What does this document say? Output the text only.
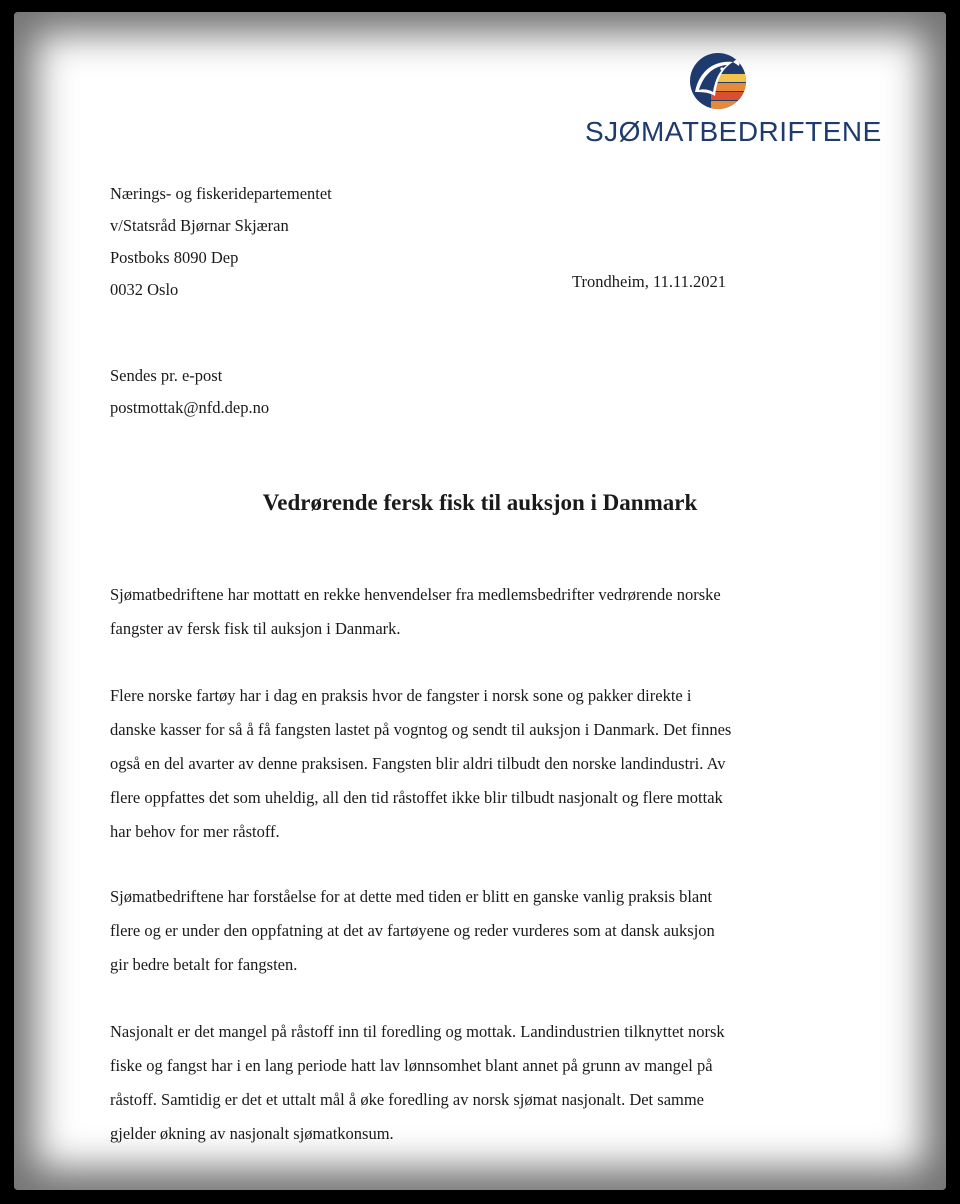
SJØMATBEDRIFTENE
Nærings- og fiskeridepartementet
v/Statsråd Bjørnar Skjæran
Postboks 8090 Dep
0032 Oslo	Trondheim, 11.11.2021
Sendes pr. e-post
postmottak@nfd.dep.no
Vedrørende fersk fisk til auksjon i Danmark
Sjømatbedriftene har mottatt en rekke henvendelser fra medlemsbedrifter vedrørende norske
fangster av fersk fisk til auksjon i Danmark.
Flere norske fartøy har i dag en praksis hvor de fangster i norsk sone og pakker direkte i
danske kasser for så å få fangsten lastet på vogntog og sendt til auksjon i Danmark. Det finnes
også en del avarter av denne praksisen. Fangsten blir aldri tilbudt den norske landindustri. Av
flere oppfattes det som uheldig, all den tid råstoffet ikke blir tilbudt nasjonalt og flere mottak
har behov for mer råstoff.
Sjømatbedriftene har forståelse for at dette med tiden er blitt en ganske vanlig praksis blant
flere og er under den oppfatning at det av fartøyene og reder vurderes som at dansk auksjon
gir bedre betalt for fangsten.
Nasjonalt er det mangel på råstoff inn til foredling og mottak. Landindustrien tilknyttet norsk
fiske og fangst har i en lang periode hatt lav lønnsomhet blant annet på grunn av mangel på
råstoff. Samtidig er det et uttalt mål å øke foredling av norsk sjømat nasjonalt. Det samme
gjelder økning av nasjonalt sjømatkonsum.
